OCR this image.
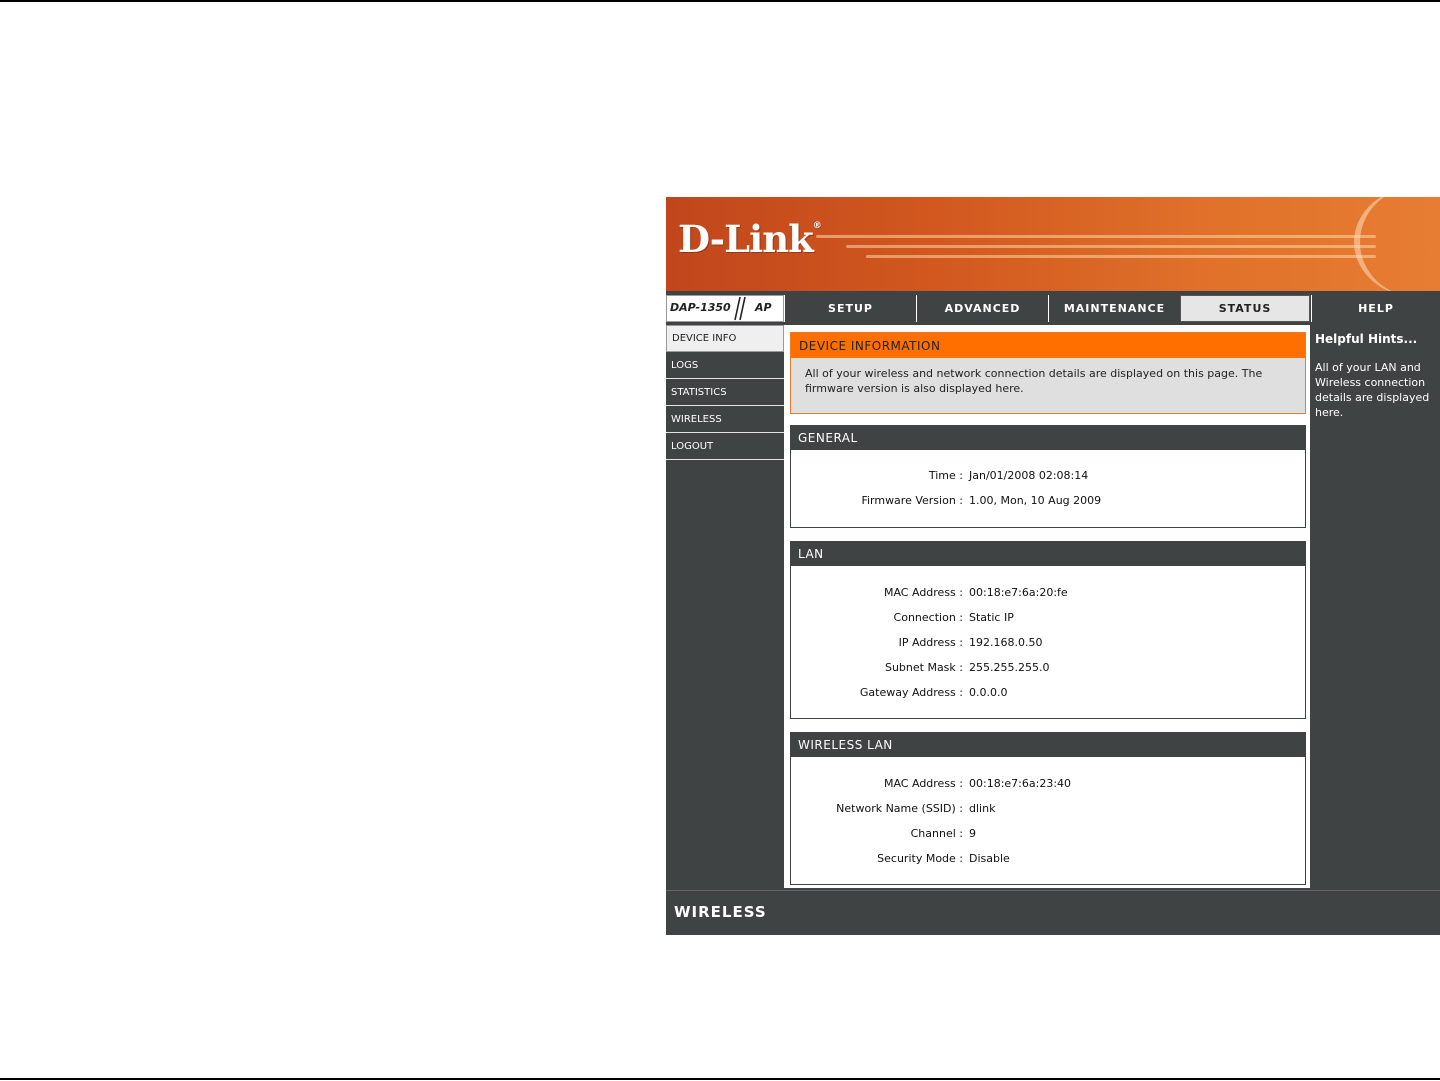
D-Link®
DAP-1350 AP	SETUP	ADVANCED	MAINTENANCE	STATUS	HELP
DEVICE INFO
LOGS
STATISTICS
WIRELESS
LOGOUT
DEVICE INFORMATION
All of your wireless and network connection details are displayed on this page. The firmware version is also displayed here.
GENERAL
Time : Jan/01/2008 02:08:14
Firmware Version : 1.00, Mon, 10 Aug 2009
LAN
MAC Address : 00:18:e7:6a:20:fe
Connection : Static IP
IP Address : 192.168.0.50
Subnet Mask : 255.255.255.0
Gateway Address : 0.0.0.0
WIRELESS LAN
MAC Address : 00:18:e7:6a:23:40
Network Name (SSID) : dlink
Channel : 9
Security Mode : Disable
Helpful Hints...
All of your LAN and Wireless connection details are displayed here.
WIRELESS
